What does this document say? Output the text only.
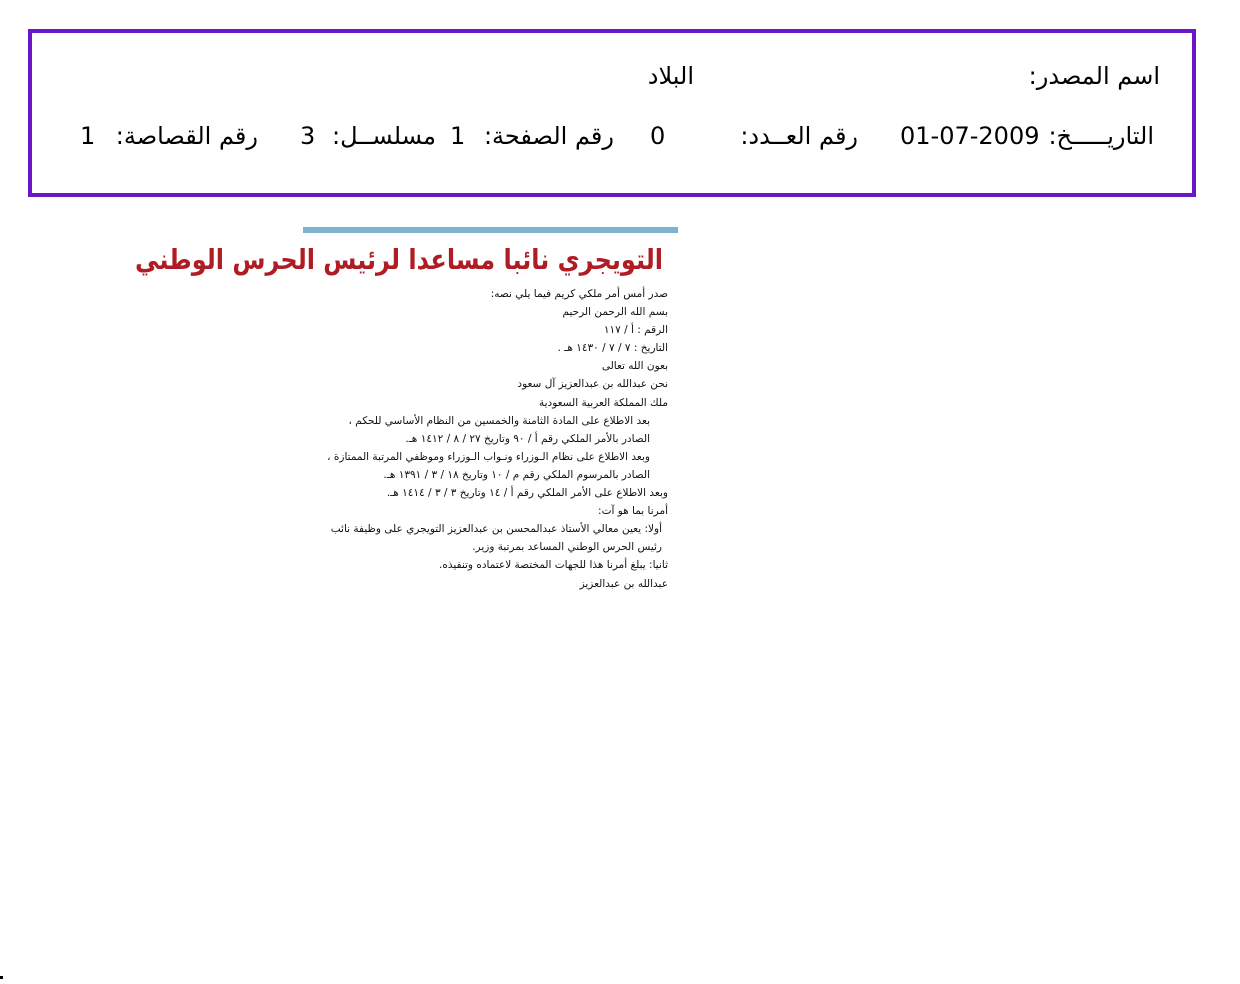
اسم المصدر:
البلاد
التاريـــــخ:
01-07-2009
رقم العــدد:
0
رقم الصفحة:
1
مسلســل:
3
رقم القصاصة:
1
التويجري نائبا مساعدا لرئيس الحرس الوطني
صدر أمس أمر ملكي كريم فيما يلي نصه:
بسم الله الرحمن الرحيم
الرقم : أ / ١١٧
التاريخ : ٧ / ٧ / ١٤٣٠ هـ .
بعون الله تعالى
نحن عبدالله بن عبدالعزيز آل سعود
ملك المملكة العربية السعودية
بعد الاطلاع على المادة الثامنة والخمسين من النظام الأساسي للحكم ، الصادر بالأمر الملكي رقم أ / ٩٠ وتاريخ ٢٧ / ٨ / ١٤١٢ هـ.
وبعد الاطلاع على نظام الـوزراء ونـواب الـوزراء وموظفي المرتبة الممتازة ، الصادر بالمرسوم الملكي رقم م / ١٠ وتاريخ ١٨ / ٣ / ١٣٩١ هـ.
وبعد الاطلاع على الأمر الملكي رقم أ / ١٤ وتاريخ ٣ / ٣ / ١٤١٤ هـ.
أمرنا بما هو آت:
أولا: يعين معالي الأستاذ عبدالمحسن بن عبدالعزيز التويجري على وظيفة نائب رئيس الحرس الوطني المساعد بمرتبة وزير.
ثانيا: يبلغ أمرنا هذا للجهات المختصة لاعتماده وتنفيذه.
عبدالله بن عبدالعزيز
